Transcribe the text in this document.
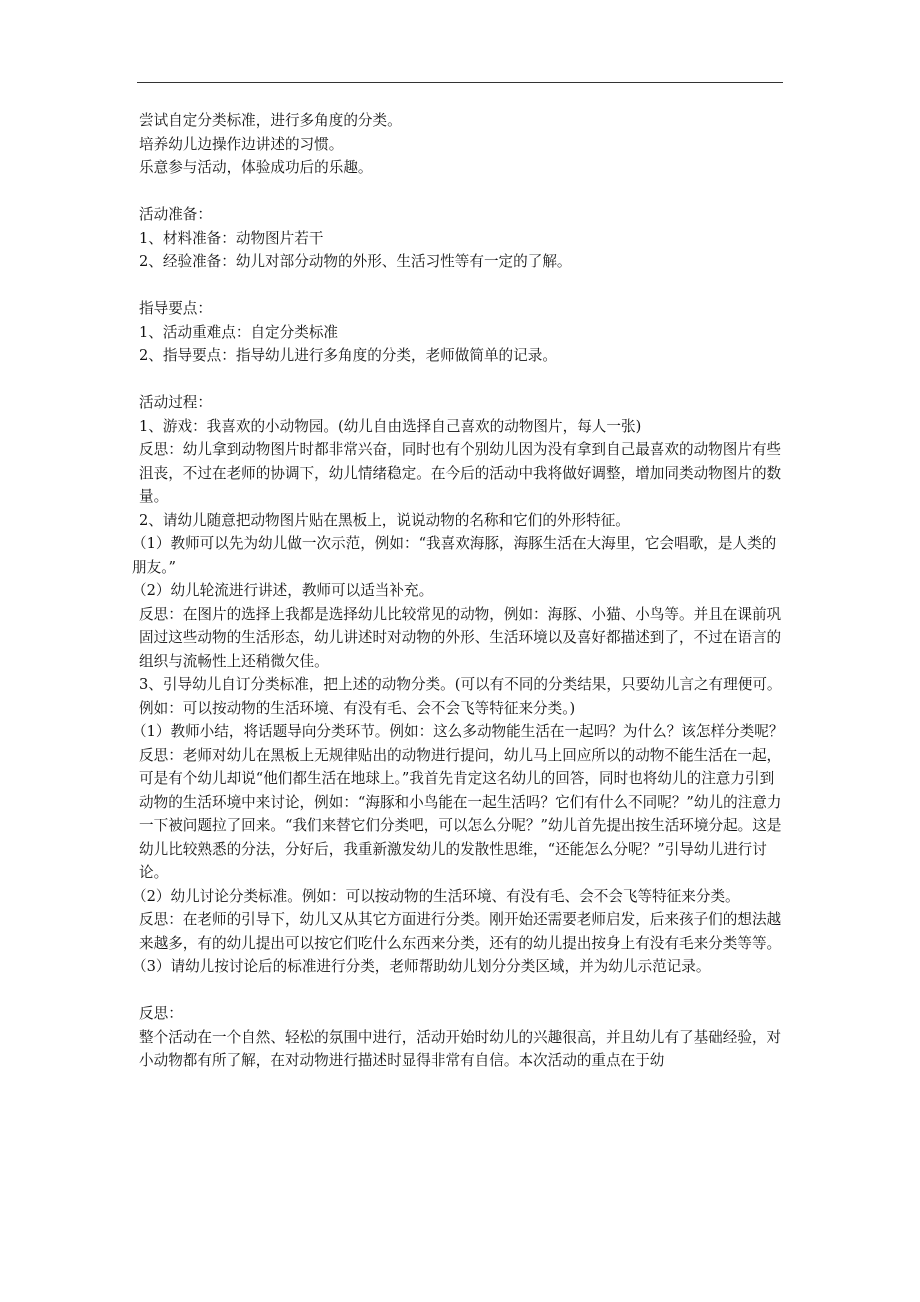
尝试自定分类标准，进行多角度的分类。

培养幼儿边操作边讲述的习惯。

乐意参与活动，体验成功后的乐趣。

活动准备：

1、材料准备：动物图片若干

2、经验准备：幼儿对部分动物的外形、生活习性等有一定的了解。

指导要点：

1、活动重难点：自定分类标准

2、指导要点：指导幼儿进行多角度的分类，老师做简单的记录。

活动过程：

1、游戏：我喜欢的小动物园。(幼儿自由选择自己喜欢的动物图片，每人一张)

反思：幼儿拿到动物图片时都非常兴奋，同时也有个别幼儿因为没有拿到自己最喜欢的动物图片有些沮丧，不过在老师的协调下，幼儿情绪稳定。在今后的活动中我将做好调整，增加同类动物图片的数量。

2、请幼儿随意把动物图片贴在黑板上，说说动物的名称和它们的外形特征。

（1）教师可以先为幼儿做一次示范，例如：“我喜欢海豚，海豚生活在大海里，它会唱歌，是人类的朋友。”

（2）幼儿轮流进行讲述，教师可以适当补充。

反思：在图片的选择上我都是选择幼儿比较常见的动物，例如：海豚、小猫、小鸟等。并且在课前巩固过这些动物的生活形态，幼儿讲述时对动物的外形、生活环境以及喜好都描述到了，不过在语言的组织与流畅性上还稍微欠佳。

3、引导幼儿自订分类标准，把上述的动物分类。(可以有不同的分类结果，只要幼儿言之有理便可。例如：可以按动物的生活环境、有没有毛、会不会飞等特征来分类。)

（1）教师小结，将话题导向分类环节。例如：这么多动物能生活在一起吗？为什么？该怎样分类呢？

反思：老师对幼儿在黑板上无规律贴出的动物进行提问，幼儿马上回应所以的动物不能生活在一起，可是有个幼儿却说“他们都生活在地球上。”我首先肯定这名幼儿的回答，同时也将幼儿的注意力引到动物的生活环境中来讨论，例如：“海豚和小鸟能在一起生活吗？它们有什么不同呢？”幼儿的注意力一下被问题拉了回来。“我们来替它们分类吧，可以怎么分呢？”幼儿首先提出按生活环境分起。这是幼儿比较熟悉的分法，分好后，我重新激发幼儿的发散性思维，“还能怎么分呢？”引导幼儿进行讨论。

（2）幼儿讨论分类标准。例如：可以按动物的生活环境、有没有毛、会不会飞等特征来分类。

反思：在老师的引导下，幼儿又从其它方面进行分类。刚开始还需要老师启发，后来孩子们的想法越来越多，有的幼儿提出可以按它们吃什么东西来分类，还有的幼儿提出按身上有没有毛来分类等等。

（3）请幼儿按讨论后的标准进行分类，老师帮助幼儿划分分类区域，并为幼儿示范记录。

反思：

整个活动在一个自然、轻松的氛围中进行，活动开始时幼儿的兴趣很高，并且幼儿有了基础经验，对小动物都有所了解，在对动物进行描述时显得非常有自信。本次活动的重点在于幼
